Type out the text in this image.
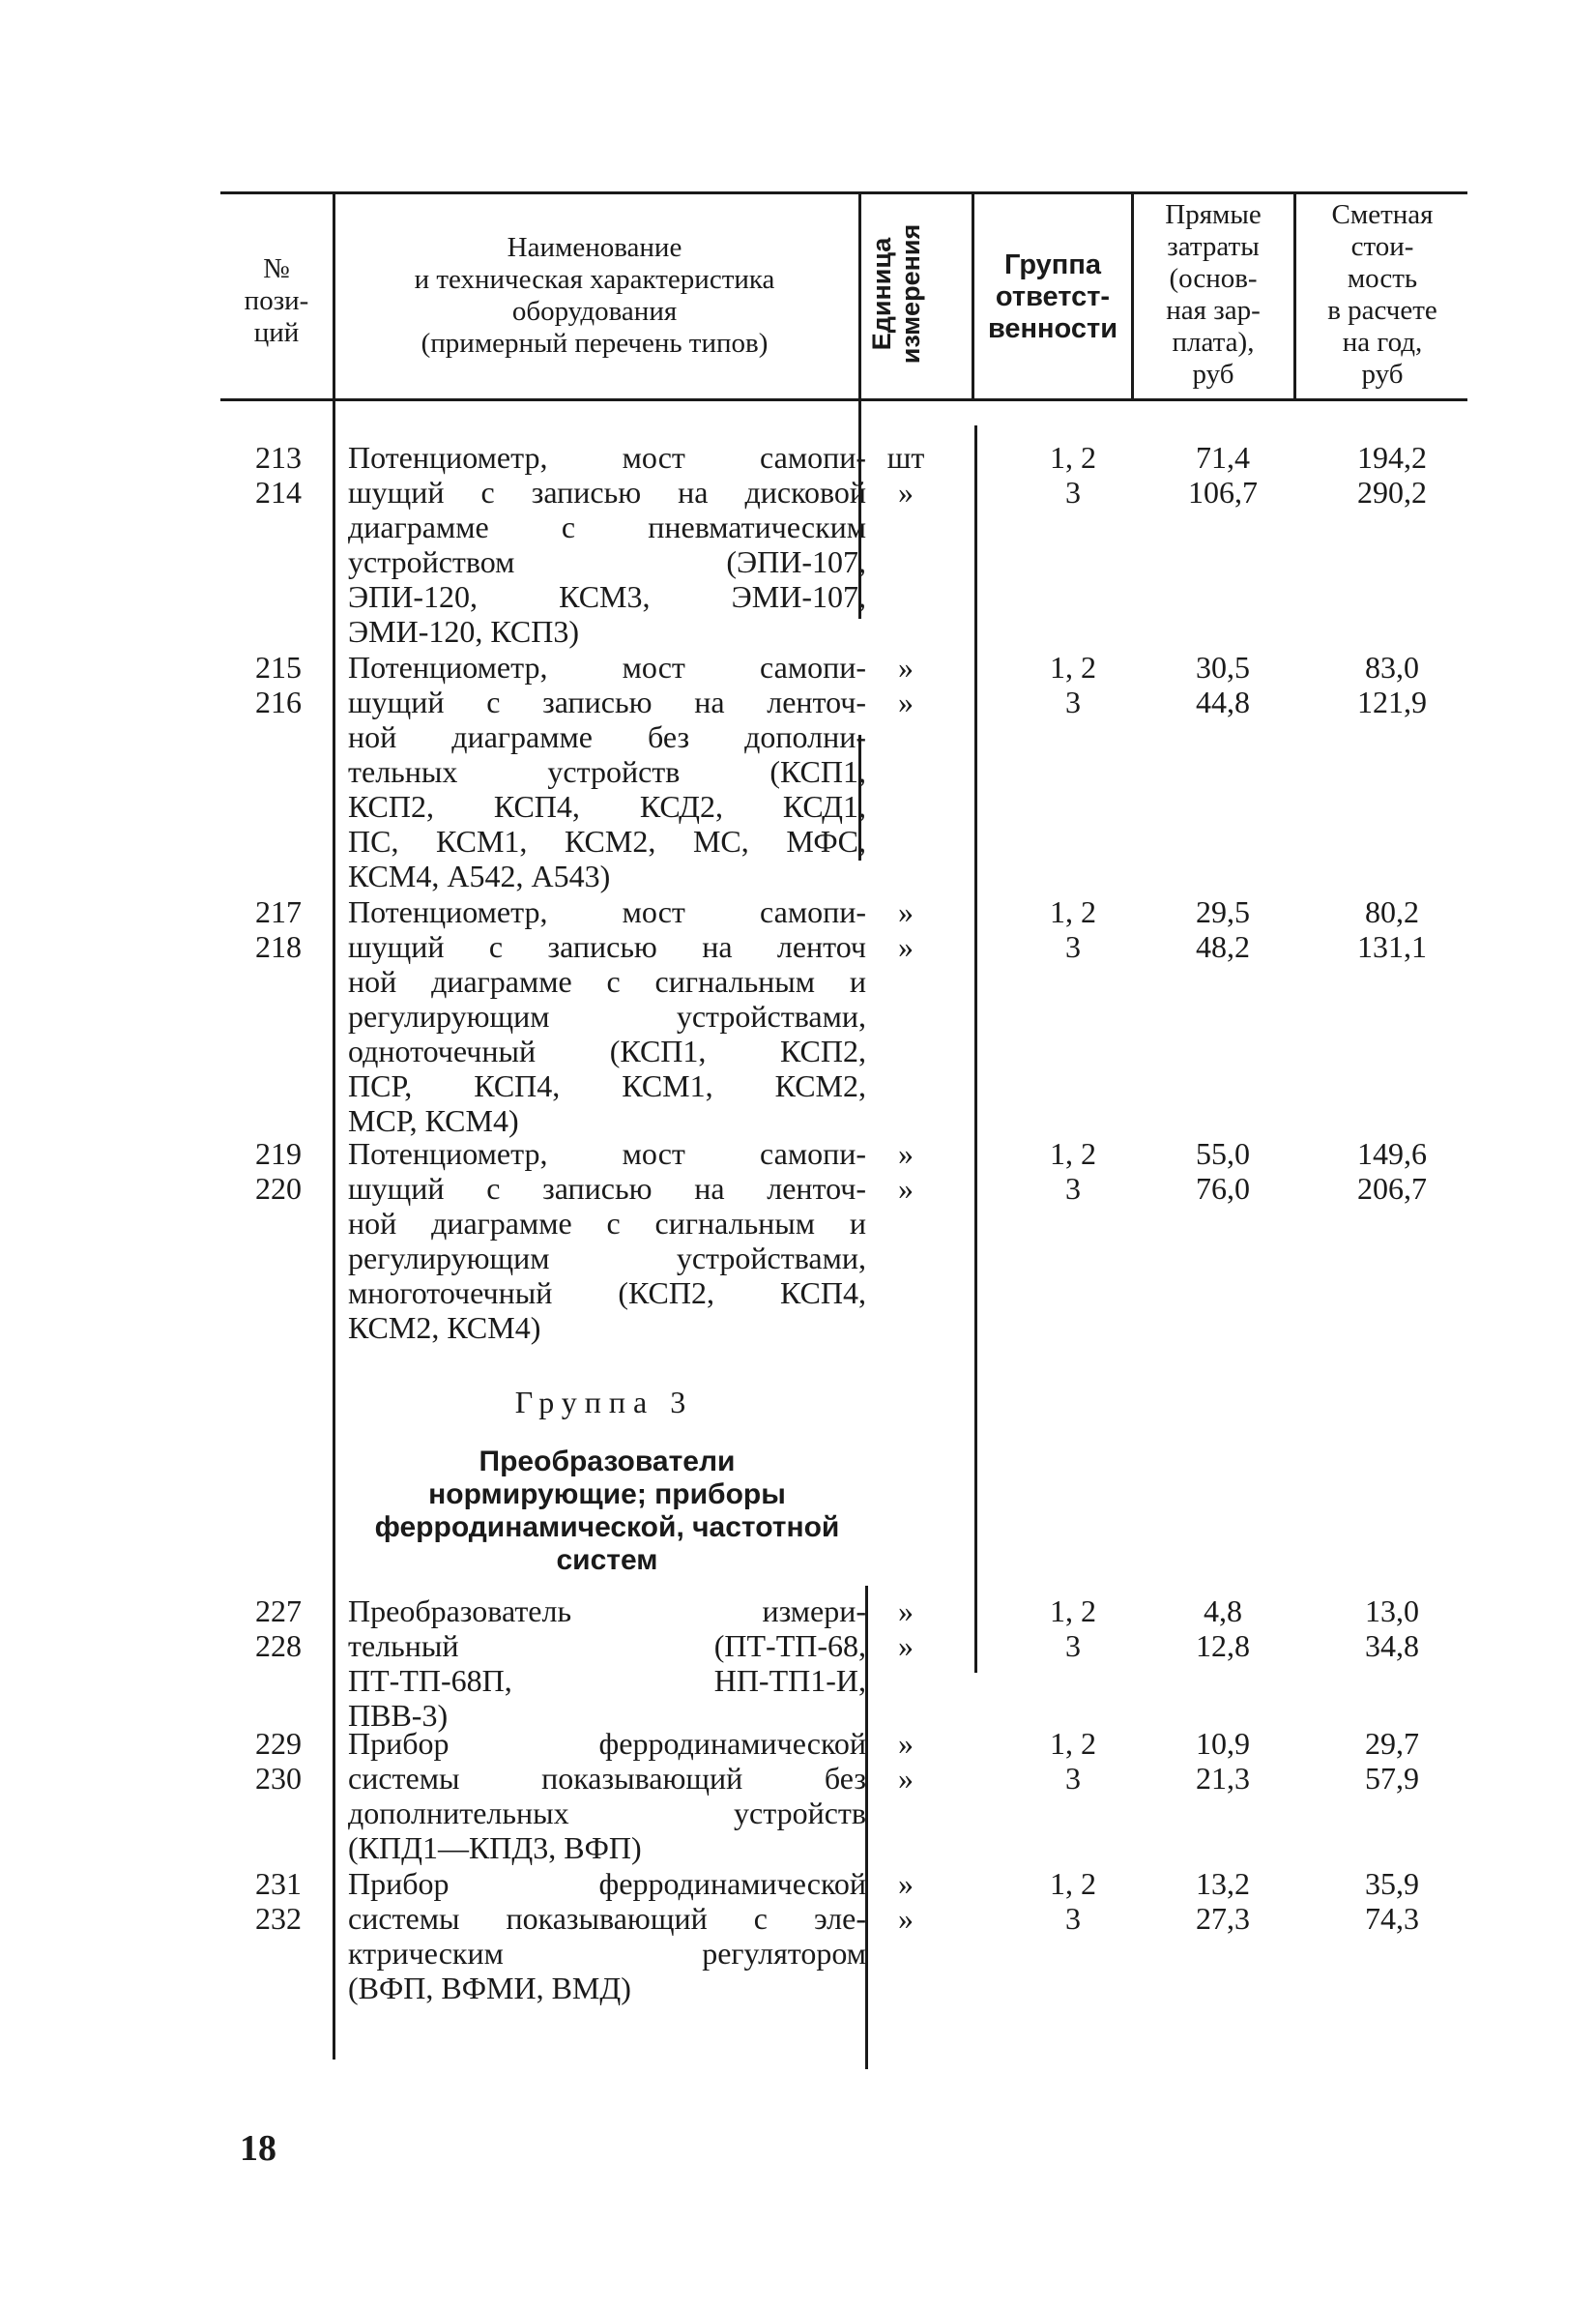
№
пози-
ций
Наименование
и техническая характеристика
оборудования
(примерный перечень типов)	Единица измерения	Группа
ответст-
венности
Прямые
затраты
(основ-
ная зар-
плата),
руб
Сметная
стои-
мость
в расчете
на год,
руб
213
214
Потенциометр, мост самопи-
шущий с записью на дисковой
диаграмме с пневматическим
устройством (ЭПИ-107,
ЭПИ-120, КСМ3, ЭМИ-107,
ЭМИ-120, КСП3)
шт
»
1, 2
3
71,4
106,7
194,2
290,2
215
216
Потенциометр, мост самопи-
шущий с записью на ленточ-
ной диаграмме без дополни-
тельных устройств (КСП1,
КСП2, КСП4, КСД2, КСД1,
ПС, КСМ1, КСМ2, МС, МФС,
КСМ4, А542, А543)
»
»
1, 2
3
30,5
44,8
83,0
121,9
217
218
Потенциометр, мост самопи-
шущий с записью на ленточ
ной диаграмме с сигнальным и
регулирующим устройствами,
одноточечный (КСП1, КСП2,
ПСР, КСП4, КСМ1, КСМ2,
МСР, КСМ4)
»
»
1, 2
3
29,5
48,2
80,2
131,1
219
220
Потенциометр, мост самопи-
шущий с записью на ленточ-
ной диаграмме с сигнальным и
регулирующим устройствами,
многоточечный (КСП2, КСП4,
КСМ2, КСМ4)
»
»
1, 2
3
55,0
76,0
149,6
206,7
Группа 3
Преобразователи
нормирующие; приборы
ферродинамической, частотной
систем
227
228
Преобразователь измери-
тельный (ПТ-ТП-68,
ПТ-ТП-68П, НП-ТП1-И,
ПВВ-3)
»
»
1, 2
3
4,8
12,8
13,0
34,8
229
230
Прибор ферродинамической
системы показывающий без
дополнительных устройств
(КПД1—КПД3, ВФП)
»
»
1, 2
3
10,9
21,3
29,7
57,9
231
232
Прибор ферродинамической
системы показывающий с эле-
ктрическим регулятором
(ВФП, ВФМИ, ВМД)
»
»
1, 2
3
13,2
27,3
35,9
74,3
18
